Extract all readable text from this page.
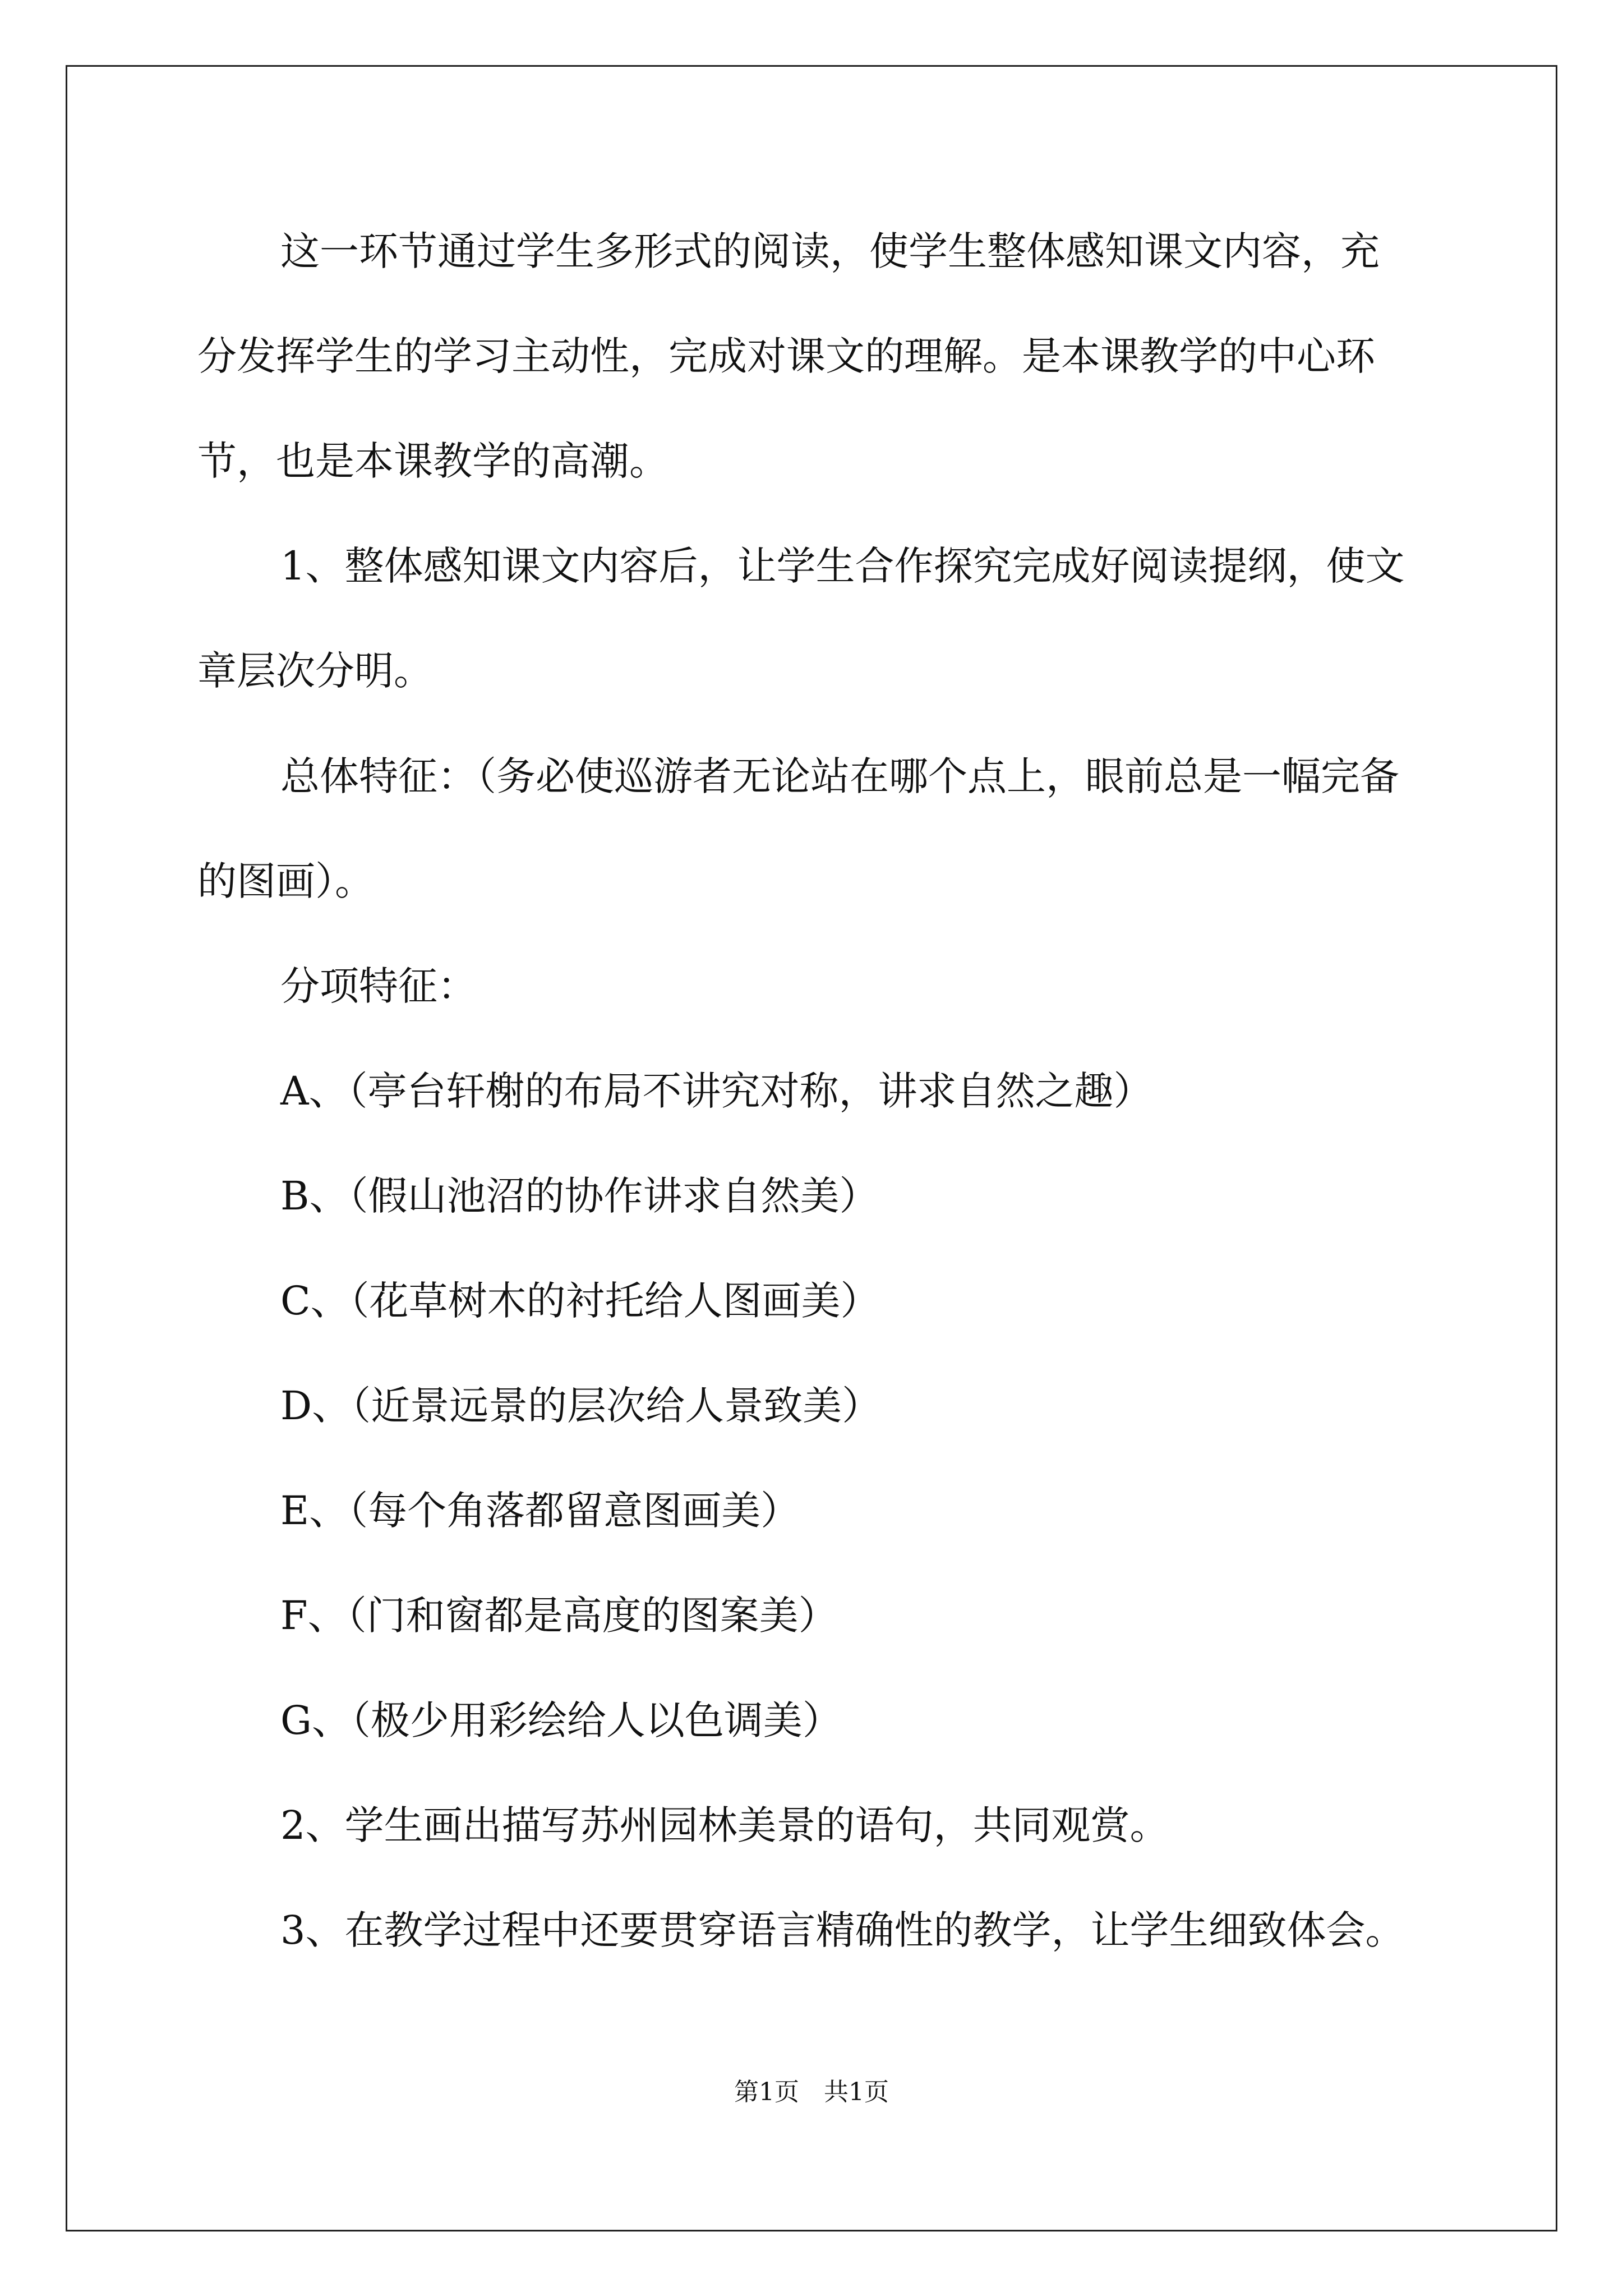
这一环节通过学生多形式的阅读，使学生整体感知课文内容，充
分发挥学生的学习主动性，完成对课文的理解。是本课教学的中心环
节，也是本课教学的高潮。
1、整体感知课文内容后，让学生合作探究完成好阅读提纲，使文
章层次分明。
总体特征：（务必使巡游者无论站在哪个点上，眼前总是一幅完备
的图画）。
分项特征：
A、（亭台轩榭的布局不讲究对称，讲求自然之趣）
B、（假山池沼的协作讲求自然美）
C、（花草树木的衬托给人图画美）
D、（近景远景的层次给人景致美）
E、（每个角落都留意图画美）
F、（门和窗都是高度的图案美）
G、（极少用彩绘给人以色调美）
2、学生画出描写苏州园林美景的语句，共同观赏。
3、在教学过程中还要贯穿语言精确性的教学，让学生细致体会。
第1页　共1页
